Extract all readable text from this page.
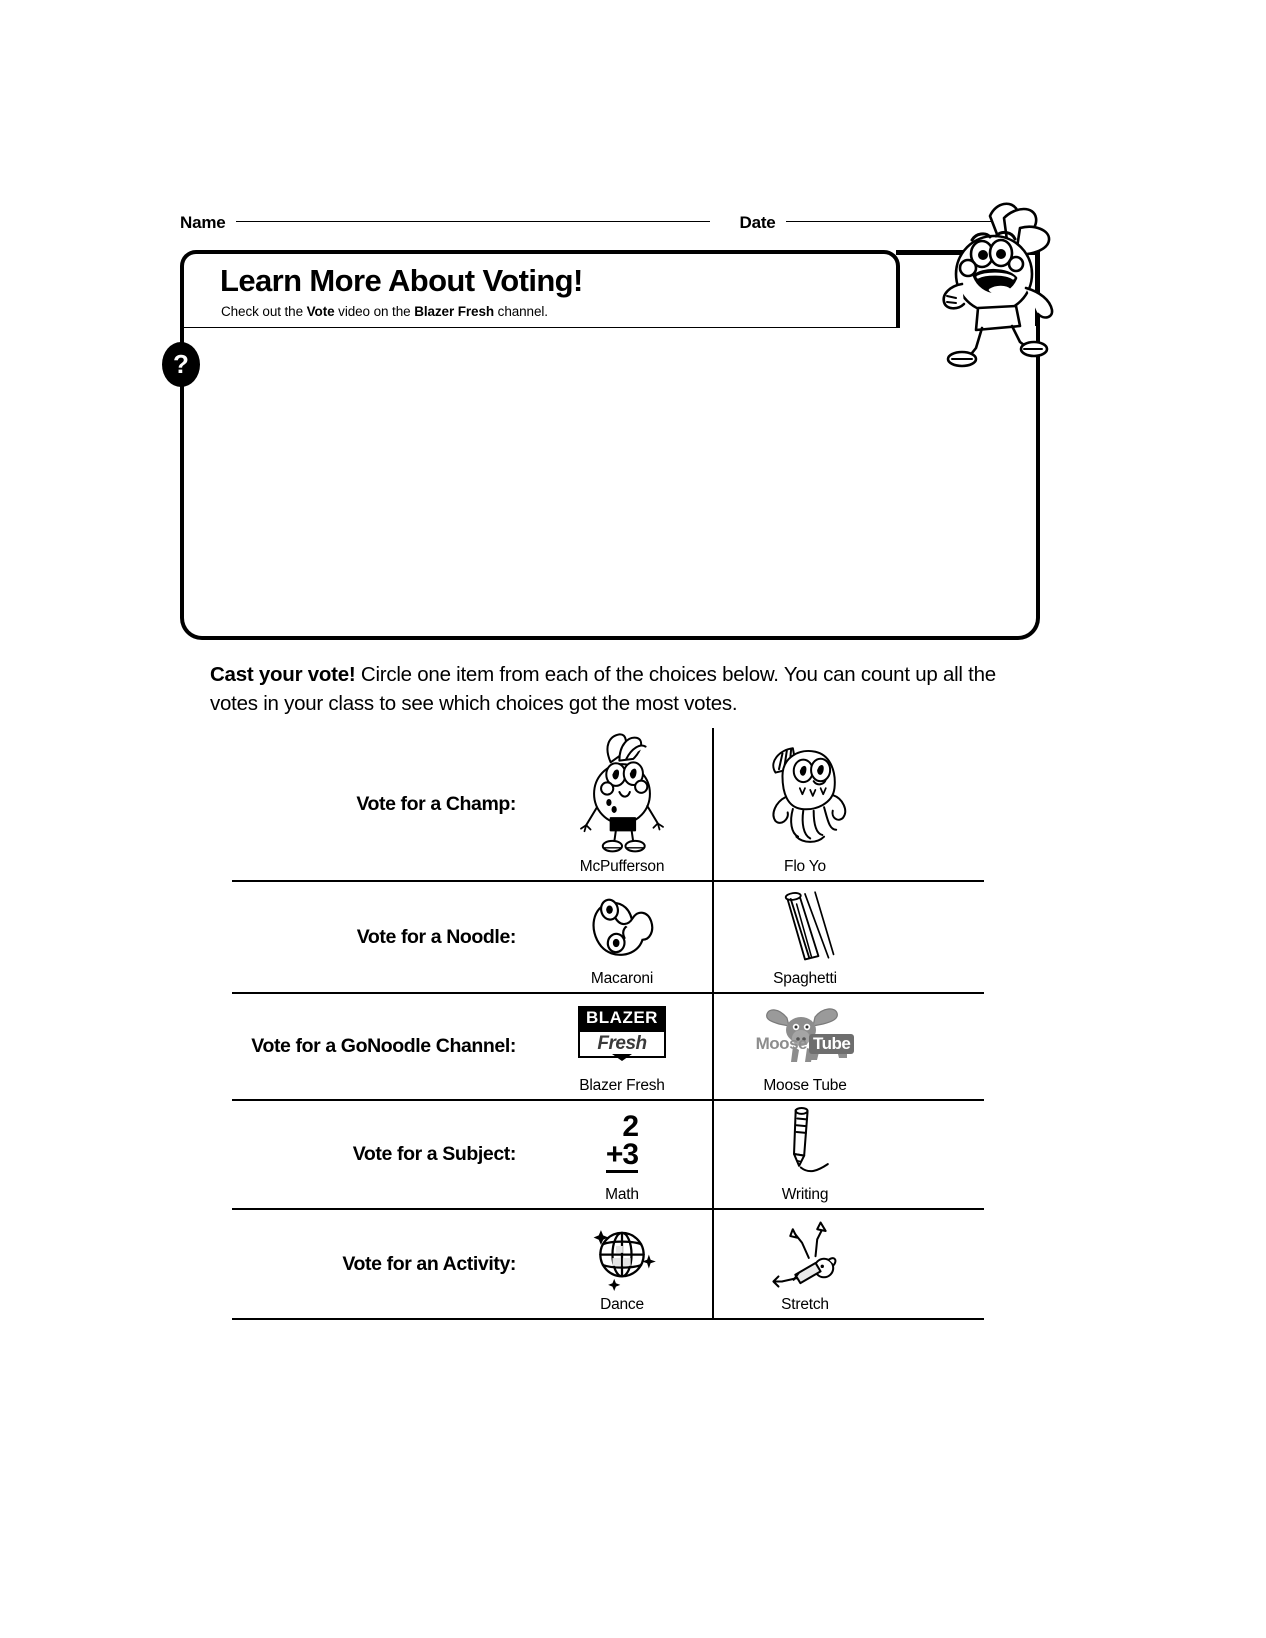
Name	Date
Learn More About Voting!
Check out the Vote video on the Blazer Fresh channel.
?
•
•
•
•
Cast your vote! Circle one item from each of the choices below. You can count up all the votes in your class to see which choices got the most votes.
Vote for a Champ:
McPufferson	Flo Yo
Vote for a Noodle:
Macaroni	Spaghetti
Vote for a GoNoodle Channel:
BLAZER
Fresh
Blazer Fresh
Moose Tube
Moose Tube
Vote for a Subject:
2
+3
Math	Writing
Vote for an Activity:
Dance	Stretch
